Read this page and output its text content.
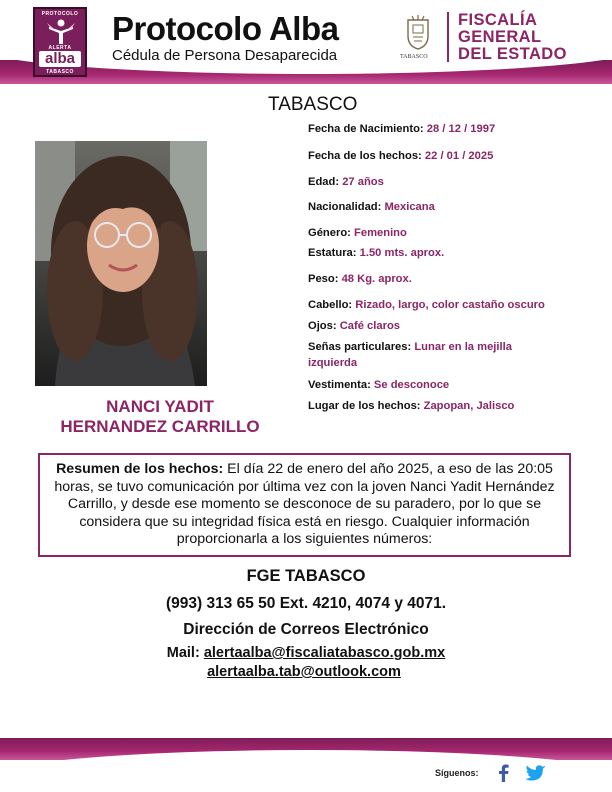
PROTOCOLO
ALERTA
alba
TABASCO
Protocolo Alba
Cédula de Persona Desaparecida	TABASCO
FISCALÍA
GENERAL
DEL ESTADO
TABASCO
NANCI YADIT
HERNANDEZ CARRILLO
Fecha de Nacimiento: 28 / 12 / 1997
Fecha de los hechos: 22 / 01 / 2025
Edad: 27 años
Nacionalidad: Mexicana
Género: Femenino
Estatura: 1.50 mts. aprox.
Peso: 48 Kg. aprox.
Cabello: Rizado, largo, color castaño oscuro
Ojos: Café claros
Señas particulares: Lunar en la mejilla izquierda
Vestimenta: Se desconoce
Lugar de los hechos: Zapopan, Jalisco
Resumen de los hechos: El día 22 de enero del año 2025, a eso de las 20:05 horas, se tuvo comunicación por última vez con la joven Nanci Yadit Hernández Carrillo, y desde ese momento se desconoce de su paradero, por lo que se considera que su integridad física está en riesgo. Cualquier información proporcionarla a los siguientes números:
FGE TABASCO
(993) 313 65 50 Ext. 4210, 4074 y 4071.
Dirección de Correos Electrónico
Mail: alertaalba@fiscaliatabasco.gob.mx
alertaalba.tab@outlook.com
Síguenos:
